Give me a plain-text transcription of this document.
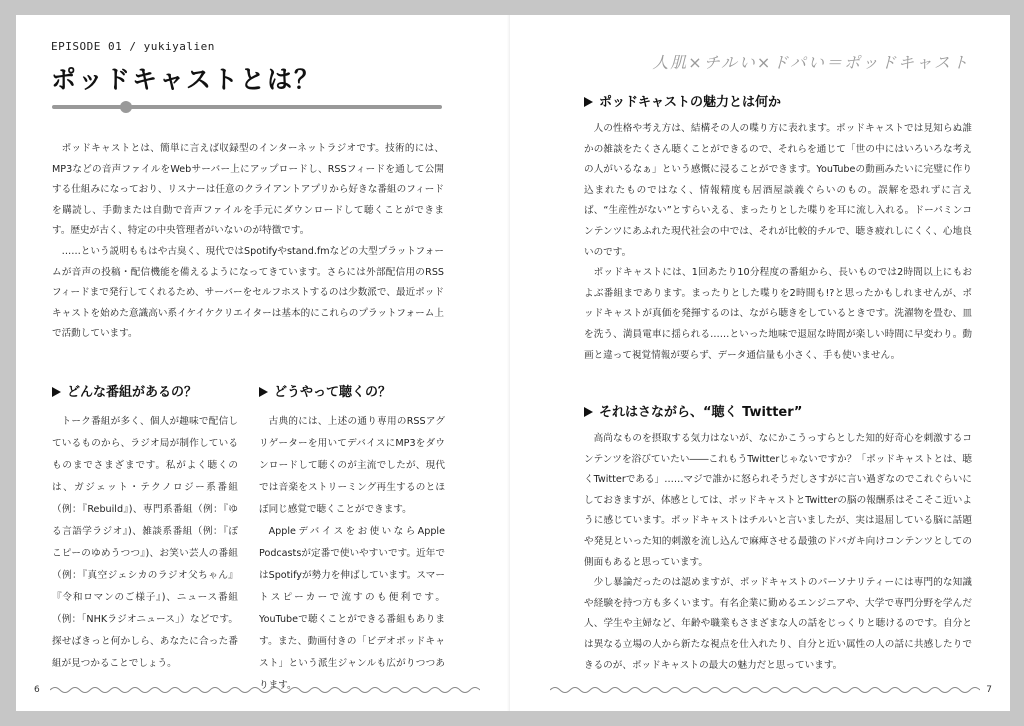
EPISODE 01 / yukiyalien
ポッドキャストとは？

ポッドキャストとは、簡単に言えば収録型のインターネットラジオです。技術的には、MP3などの音声ファイルをWebサーバー上にアップロードし、RSSフィードを通して公開する仕組みになっており、リスナーは任意のクライアントアプリから好きな番組のフィードを購読し、手動または自動で音声ファイルを手元にダウンロードして聴くことができます。歴史が古く、特定の中央管理者がいないのが特徴です。

……という説明ももはや古臭く、現代ではSpotifyやstand.fmなどの大型プラットフォームが音声の投稿・配信機能を備えるようになってきています。さらには外部配信用のRSSフィードまで発行してくれるため、サーバーをセルフホストするのは少数派で、最近ポッドキャストを始めた意識高い系イケイケクリエイターは基本的にこれらのプラットフォーム上で活動しています。

どんな番組があるの？

トーク番組が多く、個人が趣味で配信しているものから、ラジオ局が制作しているものまでさまざまです。私がよく聴くのは、ガジェット・テクノロジー系番組（例：『Rebuild』)、専門系番組（例：『ゆる言語学ラジオ』)、雑談系番組（例：『ぽこピーのゆめうつつ』)、お笑い芸人の番組（例：『真空ジェシカのラジオ父ちゃん』『令和ロマンのご様子』)、ニュース番組（例：「NHKラジオニュース」）などです。探せばきっと何かしら、あなたに合った番組が見つかることでしょう。

どうやって聴くの？

古典的には、上述の通り専用のRSSアグリゲーターを用いてデバイスにMP3をダウンロードして聴くのが主流でしたが、現代では音楽をストリーミング再生するのとほぼ同じ感覚で聴くことができます。

Appleデバイスをお使いならApple Podcastsが定番で使いやすいです。近年ではSpotifyが勢力を伸ばしています。スマートスピーカーで流すのも便利です。YouTubeで聴くことができる番組もあります。また、動画付きの「ビデオポッドキャスト」という派生ジャンルも広がりつつあります。

6
人肌×チルい×ドパい＝ポッドキャスト
ポッドキャストの魅力とは何か

人の性格や考え方は、結構その人の喋り方に表れます。ポッドキャストでは見知らぬ誰かの雑談をたくさん聴くことができるので、それらを通じて「世の中にはいろいろな考えの人がいるなぁ」という感慨に浸ることができます。YouTubeの動画みたいに完璧に作り込まれたものではなく、情報精度も居酒屋談義ぐらいのもの。誤解を恐れずに言えば、“生産性がない”とすらいえる、まったりとした喋りを耳に流し入れる。ドーパミンコンテンツにあふれた現代社会の中では、それが比較的チルで、聴き疲れしにくく、心地良いのです。

ポッドキャストには、1回あたり10分程度の番組から、長いものでは2時間以上にもおよぶ番組まであります。まったりとした喋りを2時間も!?と思ったかもしれませんが、ポッドキャストが真価を発揮するのは、ながら聴きをしているときです。洗濯物を畳む、皿を洗う、満員電車に揺られる……といった地味で退屈な時間が楽しい時間に早変わり。動画と違って視覚情報が要らず、データ通信量も小さく、手も使いません。

それはさながら、“聴く Twitter”

高尚なものを摂取する気力はないが、なにかこうっすらとした知的好奇心を刺激するコンテンツを浴びていたい――これもうTwitterじゃないですか？「ポッドキャストとは、聴くTwitterである」……マジで誰かに怒られそうだしさすがに言い過ぎなのでこれぐらいにしておきますが、体感としては、ポッドキャストとTwitterの脳の報酬系はそこそこ近いように感じています。ポッドキャストはチルいと言いましたが、実は退屈している脳に話題や発見といった知的刺激を流し込んで麻痺させる最強のドパガキ向けコンテンツとしての側面もあると思っています。

少し暴論だったのは認めますが、ポッドキャストのパーソナリティーには専門的な知識や経験を持つ方も多くいます。有名企業に勤めるエンジニアや、大学で専門分野を学んだ人、学生や主婦など、年齢や職業もさまざまな人の話をじっくりと聴けるのです。自分とは異なる立場の人から新たな視点を仕入れたり、自分と近い属性の人の話に共感したりできるのが、ポッドキャストの最大の魅力だと思っています。

7
